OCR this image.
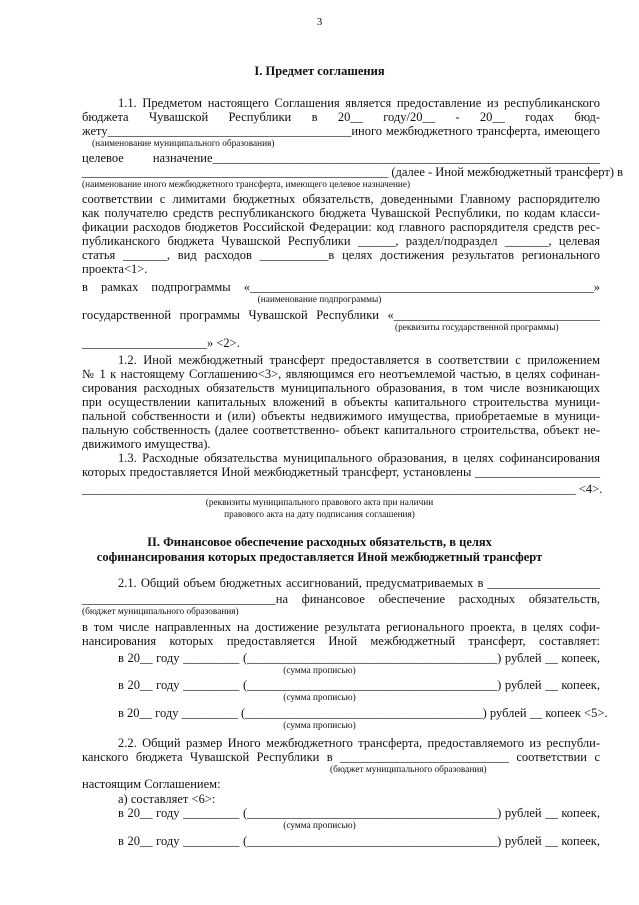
3
I. Предмет соглашения
1.1. Предметом настоящего Соглашения является предоставление из республиканского
бюджета Чувашской Республики в 20__ году/20__ - 20__ годах бюд-
жету_______________________________________иного межбюджетного трансферта, имеющего
(наименование муниципального образования)
целевое назначение______________________________________________________________
_________________________________________________ (далее - Иной межбюджетный трансферт) в
(наименование иного межбюджетного трансферта, имеющего целевое назначение)
соответствии с лимитами бюджетных обязательств, доведенными Главному распорядителю
как получателю средств республиканского бюджета Чувашской Республики, по кодам класси-
фикации расходов бюджетов Российской Федерации: код главного распорядителя средств рес-
публиканского бюджета Чувашской Республики ______, раздел/подраздел _______, целевая
статья _______, вид расходов ___________в целях достижения результатов регионального
проекта<1>.
в рамках подпрограммы «_______________________________________________________»
(наименование подпрограммы)
государственной программы Чувашской Республики «_________________________________
(реквизиты государственной программы)
____________________» <2>.
1.2. Иной межбюджетный трансферт предоставляется в соответствии с приложением
№ 1 к настоящему Соглашению<3>, являющимся его неотъемлемой частью, в целях софинан-
сирования расходных обязательств муниципального образования, в том числе возникающих
при осуществлении капитальных вложений в объекты капитального строительства муници-
пальной собственности и (или) объекты недвижимого имущества, приобретаемые в муници-
пальную собственность (далее соответственно- объект капитального строительства, объект не-
движимого имущества).
1.3. Расходные обязательства муниципального образования, в целях софинансирования
которых предоставляется Иной межбюджетный трансферт, установлены ____________________
_______________________________________________________________________________ <4>.
(реквизиты муниципального правового акта при наличии
правового акта на дату подписания соглашения)
II. Финансовое обеспечение расходных обязательств, в целях
софинансирования которых предоставляется Иной межбюджетный трансферт
2.1. Общий объем бюджетных ассигнований, предусматриваемых в __________________
_______________________________на финансовое обеспечение расходных обязательств,
(бюджет муниципального образования)
в том числе направленных на достижение результата регионального проекта, в целях софи-
нансирования которых предоставляется Иной межбюджетный трансферт, составляет:
в 20__ году _________ (________________________________________) рублей __ копеек,
(сумма прописью)
в 20__ году _________ (________________________________________) рублей __ копеек,
(сумма прописью)
в 20__ году _________ (______________________________________) рублей __ копеек <5>.
(сумма прописью)
2.2. Общий размер Иного межбюджетного трансферта, предоставляемого из республи-
канского бюджета Чувашской Республики в ___________________________ соответствии с
(бюджет муниципального образования)
настоящим Соглашением:
а) составляет <6>:
в 20__ году _________ (________________________________________) рублей __ копеек,
(сумма прописью)
в 20__ году _________ (________________________________________) рублей __ копеек,
